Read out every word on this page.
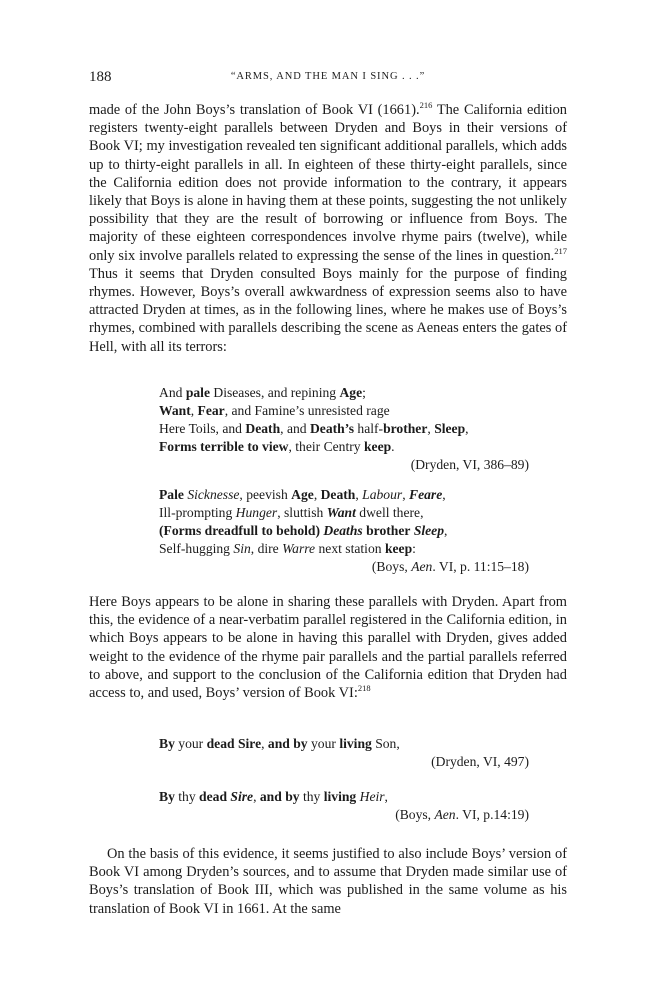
188	“ARMS, AND THE MAN I SING . . .”

made of the John Boys’s translation of Book VI (1661).$^{216}$ The California edition registers twenty-eight parallels between Dryden and Boys in their versions of Book VI; my investigation revealed ten significant additional parallels, which adds up to thirty-eight parallels in all. In eighteen of these thirty-eight parallels, since the California edition does not provide information to the contrary, it appears likely that Boys is alone in having them at these points, suggesting the not unlikely possibility that they are the result of borrowing or influence from Boys. The majority of these eighteen correspondences involve rhyme pairs (twelve), while only six involve parallels related to expressing the sense of the lines in question.$^{217}$ Thus it seems that Dryden consulted Boys mainly for the purpose of finding rhymes. However, Boys’s overall awkwardness of expression seems also to have attracted Dryden at times, as in the following lines, where he makes use of Boys’s rhymes, combined with parallels describing the scene as Aeneas enters the gates of Hell, with all its terrors:

And pale Diseases, and repining Age;
Want, Fear, and Famine’s unresisted rage
Here Toils, and Death, and Death’s half-brother, Sleep,
Forms terrible to view, their Centry keep.
(Dryden, VI, 386–89)
Pale Sicknesse, peevish Age, Death, Labour, Feare,
Ill-prompting Hunger, sluttish Want dwell there,
(Forms dreadfull to behold) Deaths brother Sleep,
Self-hugging Sin, dire Warre next station keep:
(Boys, Aen. VI, p. 11:15–18)

Here Boys appears to be alone in sharing these parallels with Dryden. Apart from this, the evidence of a near-verbatim parallel registered in the California edition, in which Boys appears to be alone in having this parallel with Dryden, gives added weight to the evidence of the rhyme pair parallels and the partial parallels referred to above, and support to the conclusion of the California edition that Dryden had access to, and used, Boys’ version of Book VI:$^{218}$

By your dead Sire, and by your living Son,
(Dryden, VI, 497)
By thy dead Sire, and by thy living Heir,
(Boys, Aen. VI, p.14:19)

On the basis of this evidence, it seems justified to also include Boys’ version of Book VI among Dryden’s sources, and to assume that Dryden made similar use of Boys’s translation of Book III, which was published in the same volume as his translation of Book VI in 1661. At the same
